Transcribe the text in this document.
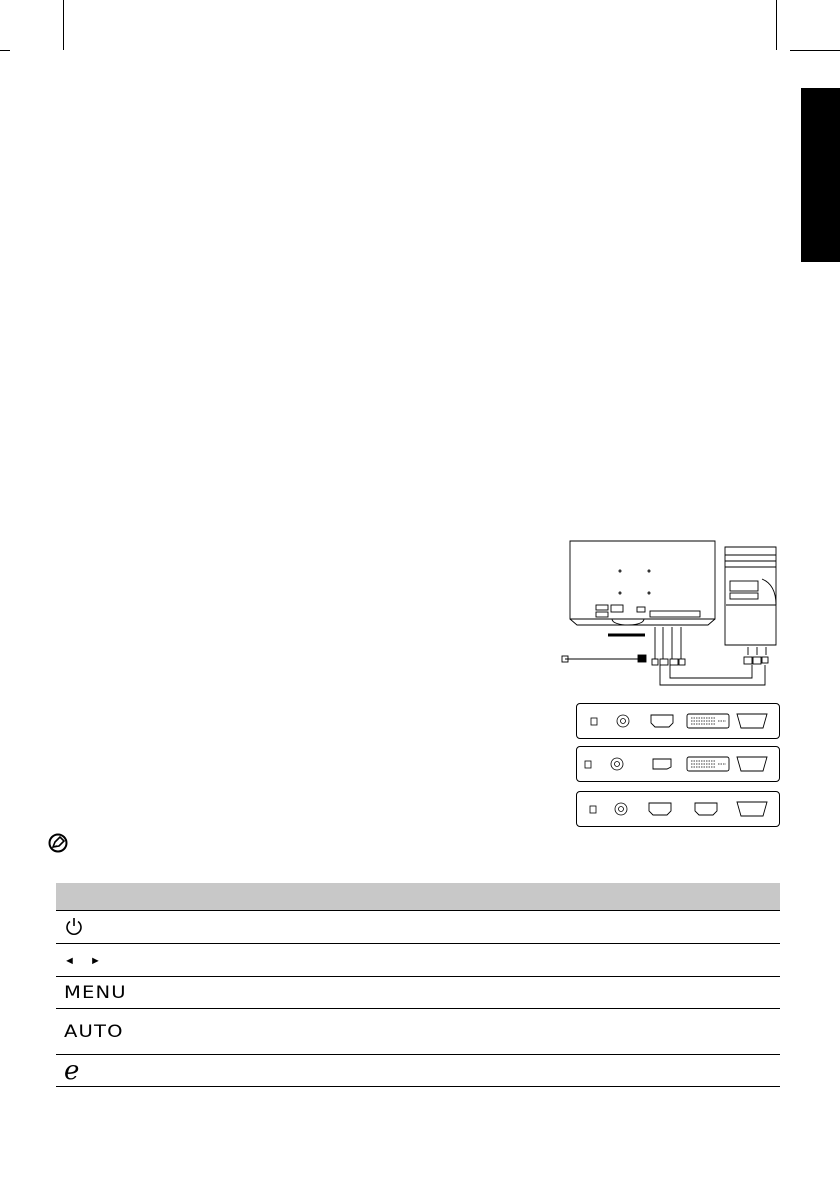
◄ ►	
MENU	
AUTO	
e	
